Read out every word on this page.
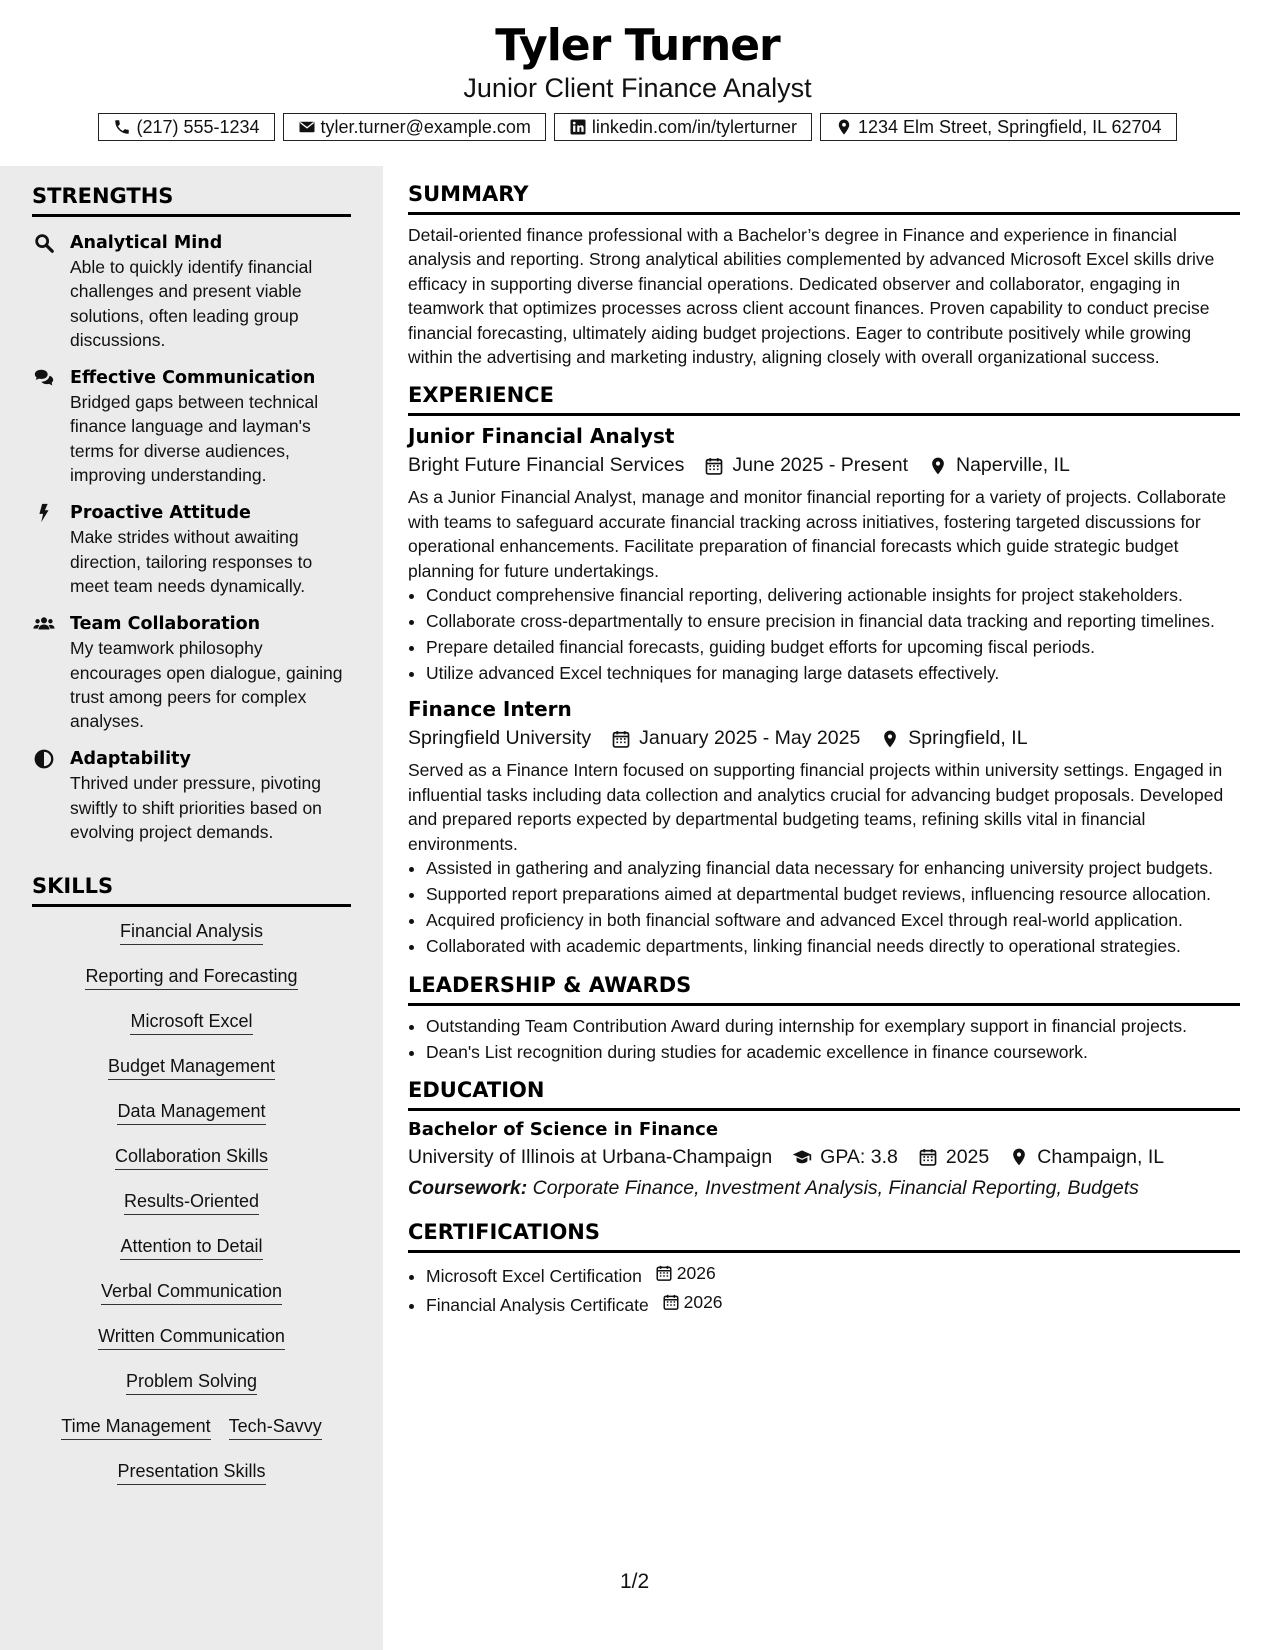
Tyler Turner
Junior Client Finance Analyst
(217) 555-1234	tyler.turner@example.com	linkedin.com/in/tylerturner	1234 Elm Street, Springfield, IL 62704
STRENGTHS
Analytical Mind
Able to quickly identify financial challenges and present viable solutions, often leading group discussions.
Effective Communication
Bridged gaps between technical finance language and layman's terms for diverse audiences, improving understanding.
Proactive Attitude
Make strides without awaiting direction, tailoring responses to meet team needs dynamically.
Team Collaboration
My teamwork philosophy encourages open dialogue, gaining trust among peers for complex analyses.
Adaptability
Thrived under pressure, pivoting swiftly to shift priorities based on evolving project demands.
SKILLS
Financial Analysis
Reporting and Forecasting
Microsoft Excel
Budget Management
Data Management
Collaboration Skills
Results-Oriented
Attention to Detail
Verbal Communication
Written Communication
Problem Solving
Time Management Tech-Savvy
Presentation Skills
SUMMARY
Detail-oriented finance professional with a Bachelor’s degree in Finance and experience in financial analysis and reporting. Strong analytical abilities complemented by advanced Microsoft Excel skills drive efficacy in supporting diverse financial operations. Dedicated observer and collaborator, engaging in teamwork that optimizes processes across client account finances. Proven capability to conduct precise financial forecasting, ultimately aiding budget projections. Eager to contribute positively while growing within the advertising and marketing industry, aligning closely with overall organizational success.
EXPERIENCE
Junior Financial Analyst
Bright Future Financial Services June 2025 - Present Naperville, IL
As a Junior Financial Analyst, manage and monitor financial reporting for a variety of projects. Collaborate with teams to safeguard accurate financial tracking across initiatives, fostering targeted discussions for operational enhancements. Facilitate preparation of financial forecasts which guide strategic budget planning for future undertakings.
• Conduct comprehensive financial reporting, delivering actionable insights for project stakeholders.
• Collaborate cross-departmentally to ensure precision in financial data tracking and reporting timelines.
• Prepare detailed financial forecasts, guiding budget efforts for upcoming fiscal periods.
• Utilize advanced Excel techniques for managing large datasets effectively.
Finance Intern
Springfield University January 2025 - May 2025 Springfield, IL
Served as a Finance Intern focused on supporting financial projects within university settings. Engaged in influential tasks including data collection and analytics crucial for advancing budget proposals. Developed and prepared reports expected by departmental budgeting teams, refining skills vital in financial environments.
• Assisted in gathering and analyzing financial data necessary for enhancing university project budgets.
• Supported report preparations aimed at departmental budget reviews, influencing resource allocation.
• Acquired proficiency in both financial software and advanced Excel through real-world application.
• Collaborated with academic departments, linking financial needs directly to operational strategies.
LEADERSHIP & AWARDS
• Outstanding Team Contribution Award during internship for exemplary support in financial projects.
• Dean's List recognition during studies for academic excellence in finance coursework.
EDUCATION
Bachelor of Science in Finance
University of Illinois at Urbana-Champaign GPA: 3.8 2025 Champaign, IL
Coursework: Corporate Finance, Investment Analysis, Financial Reporting, Budgets
CERTIFICATIONS
• Microsoft Excel Certification 2026
• Financial Analysis Certificate 2026
1/2
